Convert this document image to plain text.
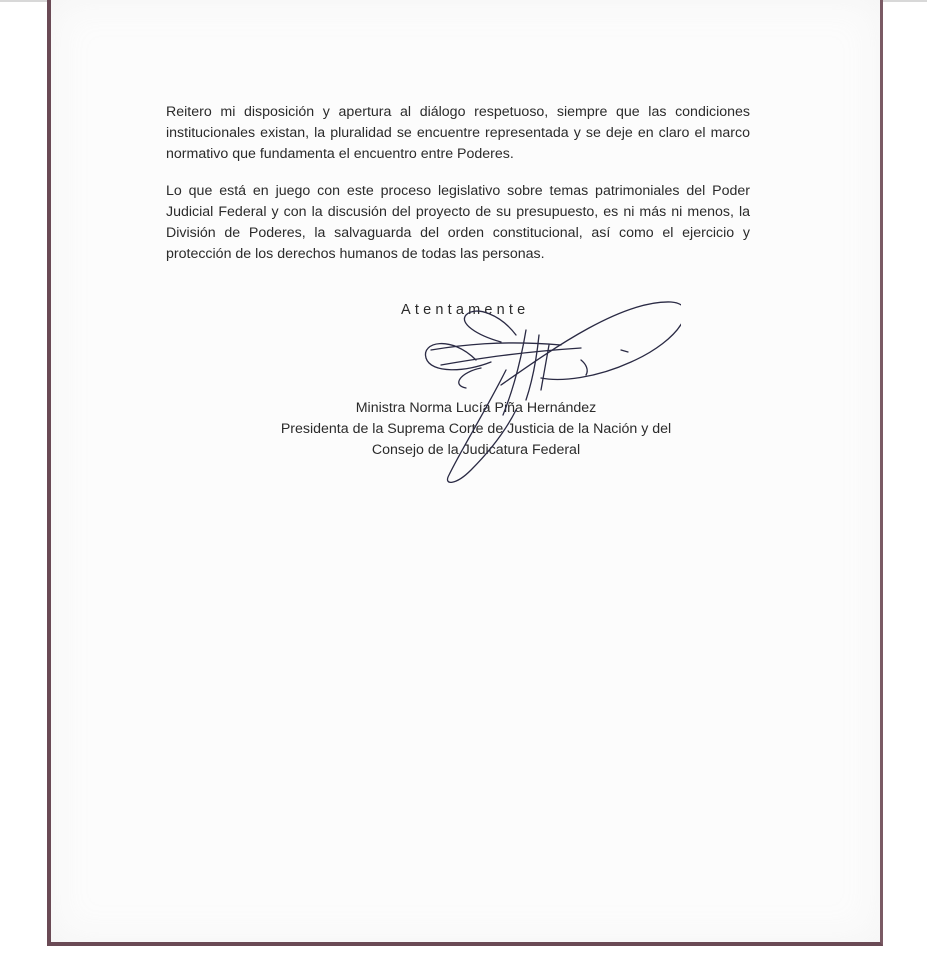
Reitero mi disposición y apertura al diálogo respetuoso, siempre que las condiciones institucionales existan, la pluralidad se encuentre representada y se deje en claro el marco normativo que fundamenta el encuentro entre Poderes.

Lo que está en juego con este proceso legislativo sobre temas patrimoniales del Poder Judicial Federal y con la discusión del proyecto de su presupuesto, es ni más ni menos, la División de Poderes, la salvaguarda del orden constitucional, así como el ejercicio y protección de los derechos humanos de todas las personas.

Atentamente
Ministra Norma Lucía Piña Hernández
Presidenta de la Suprema Corte de Justicia de la Nación y del
Consejo de la Judicatura Federal
